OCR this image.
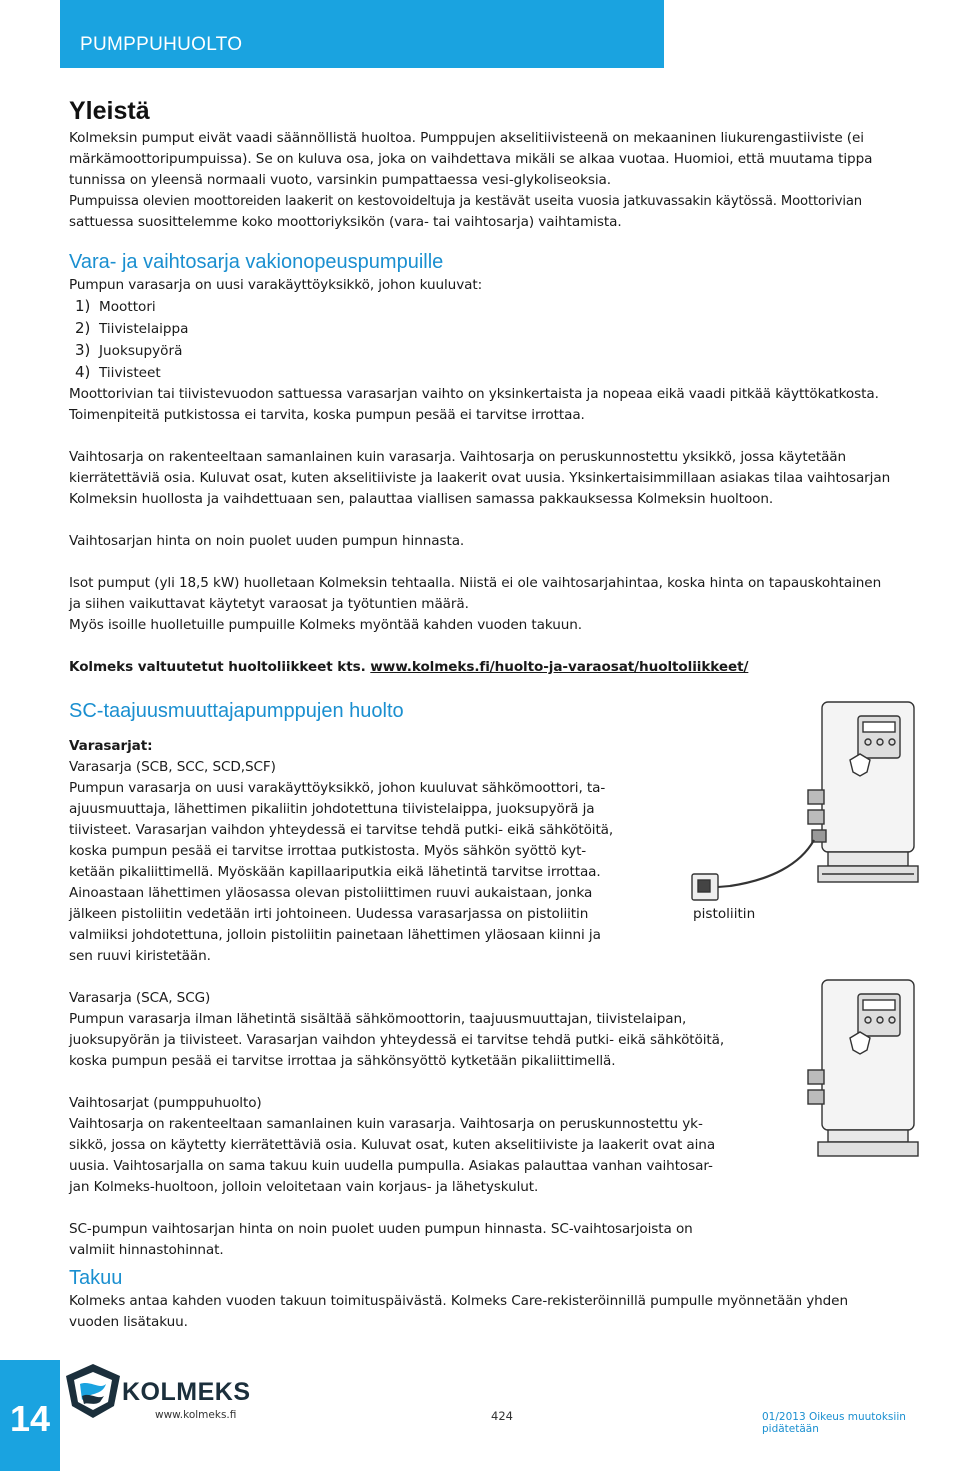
PUMPPUHUOLTO
Yleistä

Kolmeksin pumput eivät vaadi säännöllistä huoltoa. Pumppujen akselitiivisteenä on mekaaninen liukurengastiiviste (ei

märkämoottoripumpuissa). Se on kuluva osa, joka on vaihdettava mikäli se alkaa vuotaa. Huomioi, että muutama tippa

tunnissa on yleensä normaali vuoto, varsinkin pumpattaessa vesi-glykoliseoksia.

Pumpuissa olevien moottoreiden laakerit on kestovoideltuja ja kestävät useita vuosia jatkuvassakin käytössä. Moottorivian

sattuessa suosittelemme koko moottoriyksikön (vara- tai vaihtosarja) vaihtamista.

Vara- ja vaihtosarja vakionopeuspumpuille

Pumpun varasarja on uusi varakäyttöyksikkö, johon kuuluvat:

1) Moottori
2) Tiivistelaippa
3) Juoksupyörä
4) Tiivisteet

Moottorivian tai tiivistevuodon sattuessa varasarjan vaihto on yksinkertaista ja nopeaa eikä vaadi pitkää käyttökatkosta.

Toimenpiteitä putkistossa ei tarvita, koska pumpun pesää ei tarvitse irrottaa.

Vaihtosarja on rakenteeltaan samanlainen kuin varasarja. Vaihtosarja on peruskunnostettu yksikkö, jossa käytetään

kierrätettäviä osia. Kuluvat osat, kuten akselitiiviste ja laakerit ovat uusia. Yksinkertaisimmillaan asiakas tilaa vaihtosarjan

Kolmeksin huollosta ja vaihdettuaan sen, palauttaa viallisen samassa pakkauksessa Kolmeksin huoltoon.

Vaihtosarjan hinta on noin puolet uuden pumpun hinnasta.

Isot pumput (yli 18,5 kW) huolletaan Kolmeksin tehtaalla. Niistä ei ole vaihtosarjahintaa, koska hinta on tapauskohtainen

ja siihen vaikuttavat käytetyt varaosat ja työtuntien määrä.

Myös isoille huolletuille pumpuille Kolmeks myöntää kahden vuoden takuun.

Kolmeks valtuutetut huoltoliikkeet kts. www.kolmeks.fi/huolto-ja-varaosat/huoltoliikkeet/

SC-taajuusmuuttajapumppujen huolto

Varasarjat:

Varasarja (SCB, SCC, SCD,SCF)

Pumpun varasarja on uusi varakäyttöyksikkö, johon kuuluvat sähkömoottori, ta-

ajuusmuuttaja, lähettimen pikaliitin johdotettuna tiivistelaippa, juoksupyörä ja

tiivisteet. Varasarjan vaihdon yhteydessä ei tarvitse tehdä putki- eikä sähkötöitä,

koska pumpun pesää ei tarvitse irrottaa putkistosta. Myös sähkön syöttö kyt-

ketään pikaliittimellä. Myöskään kapillaariputkia eikä lähetintä tarvitse irrottaa.

Ainoastaan lähettimen yläosassa olevan pistoliittimen ruuvi aukaistaan, jonka

jälkeen pistoliitin vedetään irti johtoineen. Uudessa varasarjassa on pistoliitin

valmiiksi johdotettuna, jolloin pistoliitin painetaan lähettimen yläosaan kiinni ja

sen ruuvi kiristetään.

Varasarja (SCA, SCG)

Pumpun varasarja ilman lähetintä sisältää sähkömoottorin, taajuusmuuttajan, tiivistelaipan,

juoksupyörän ja tiivisteet. Varasarjan vaihdon yhteydessä ei tarvitse tehdä putki- eikä sähkötöitä,

koska pumpun pesää ei tarvitse irrottaa ja sähkönsyöttö kytketään pikaliittimellä.

Vaihtosarjat (pumppuhuolto)

Vaihtosarja on rakenteeltaan samanlainen kuin varasarja. Vaihtosarja on peruskunnostettu yk-

sikkö, jossa on käytetty kierrätettäviä osia. Kuluvat osat, kuten akselitiiviste ja laakerit ovat aina

uusia. Vaihtosarjalla on sama takuu kuin uudella pumpulla. Asiakas palauttaa vanhan vaihtosar-

jan Kolmeks-huoltoon, jolloin veloitetaan vain korjaus- ja lähetyskulut.

SC-pumpun vaihtosarjan hinta on noin puolet uuden pumpun hinnasta. SC-vaihtosarjoista on

valmiit hinnastohinnat.

Takuu

Kolmeks antaa kahden vuoden takuun toimituspäivästä. Kolmeks Care-rekisteröinnillä pumpulle myönnetään yhden

vuoden lisätakuu.

pistoliitin
14
KOLMEKS
www.kolmeks.fi	424	01/2013 Oikeus muutoksiin pidätetään
